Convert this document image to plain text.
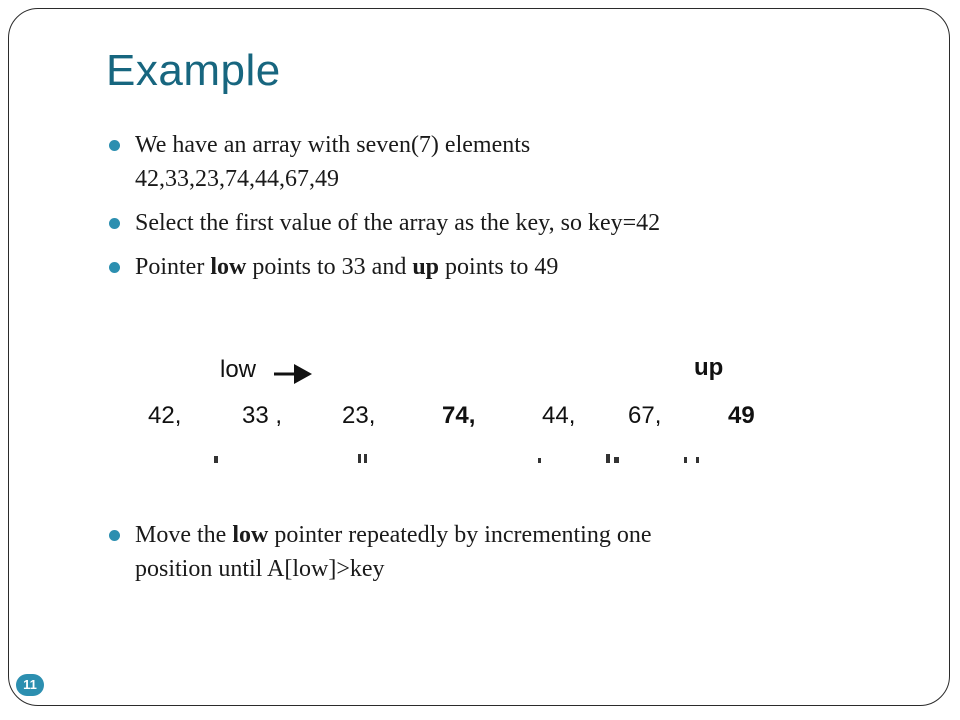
Example
We have an array with seven(7) elements
42,33,23,74,44,67,49
Select the first value of the array as the key, so key=42
Pointer low points to 33 and up points to 49
low	up
42,	33 , 23,	74,	44, 67,	49
Move the low pointer repeatedly by incrementing one
position until A[low]>key
11
